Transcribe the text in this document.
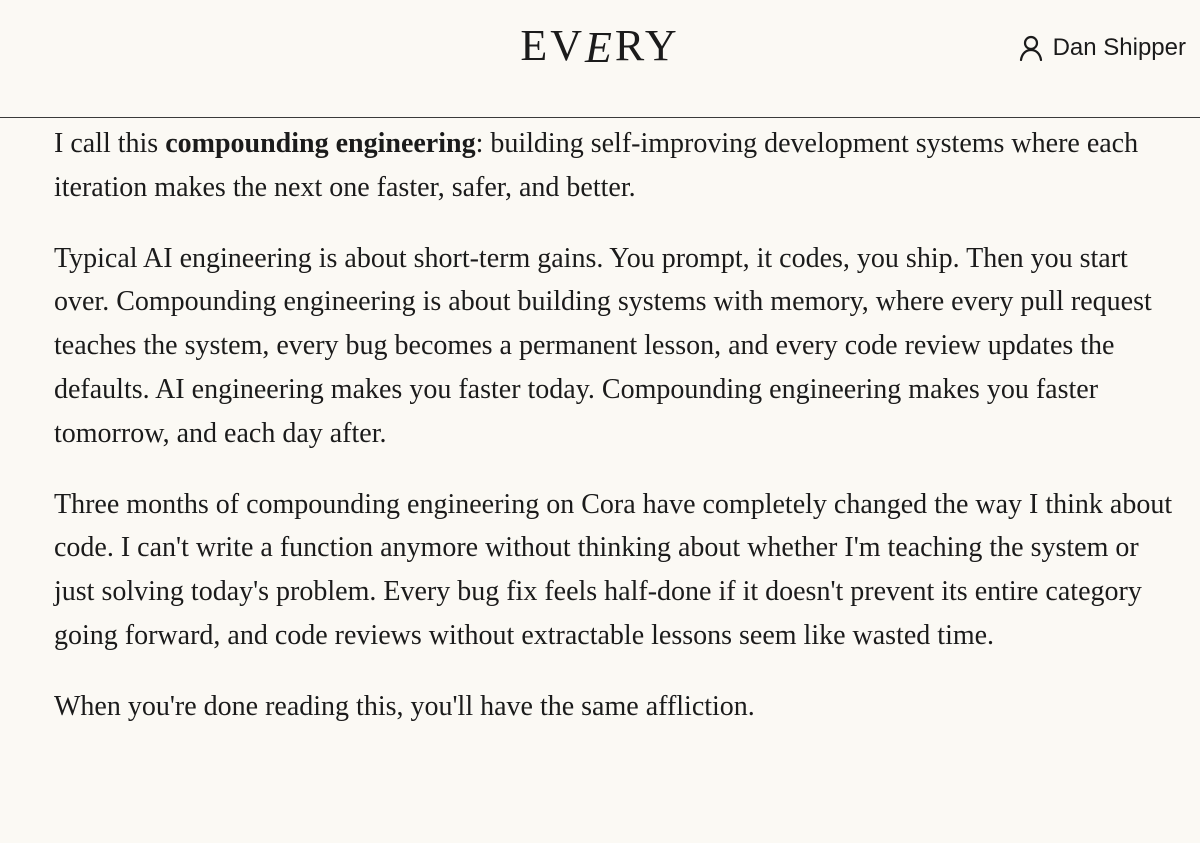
EVERY	Dan Shipper

I call this compounding engineering: building self-improving development systems where each iteration makes the next one faster, safer, and better.

Typical AI engineering is about short-term gains. You prompt, it codes, you ship. Then you start over. Compounding engineering is about building systems with memory, where every pull request teaches the system, every bug becomes a permanent lesson, and every code review updates the defaults. AI engineering makes you faster today. Compounding engineering makes you faster tomorrow, and each day after.

Three months of compounding engineering on Cora have completely changed the way I think about code. I can't write a function anymore without thinking about whether I'm teaching the system or just solving today's problem. Every bug fix feels half-done if it doesn't prevent its entire category going forward, and code reviews without extractable lessons seem like wasted time.

When you're done reading this, you'll have the same affliction.
